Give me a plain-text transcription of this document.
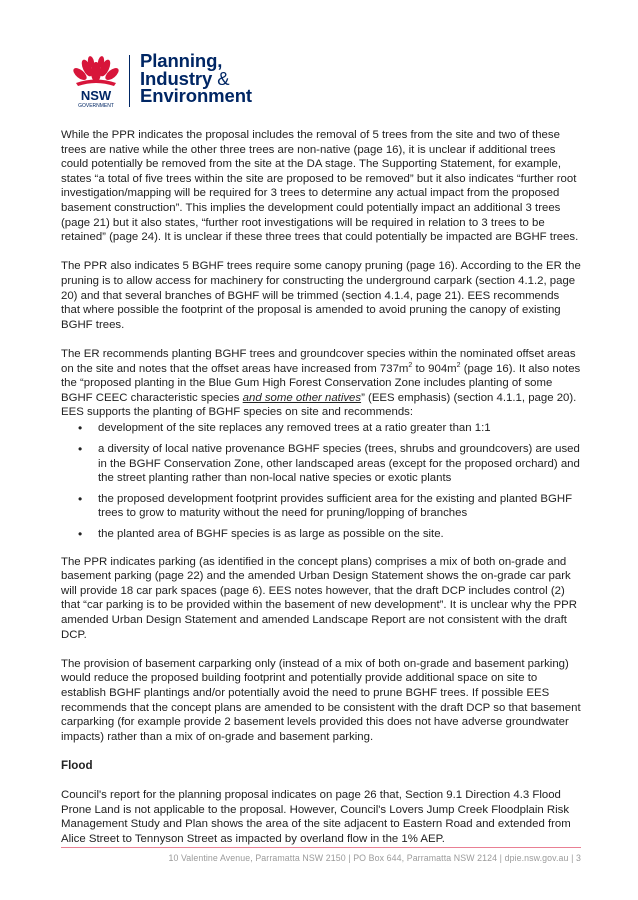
NSW
GOVERNMENT
Planning,
Industry &
Environment

While the PPR indicates the proposal includes the removal of 5 trees from the site and two of these trees are native while the other three trees are non-native (page 16), it is unclear if additional trees could potentially be removed from the site at the DA stage. The Supporting Statement, for example, states “a total of five trees within the site are proposed to be removed” but it also indicates “further root investigation/mapping will be required for 3 trees to determine any actual impact from the proposed basement construction”. This implies the development could potentially impact an additional 3 trees (page 21) but it also states, “further root investigations will be required in relation to 3 trees to be retained” (page 24). It is unclear if these three trees that could potentially be impacted are BGHF trees.

The PPR also indicates 5 BGHF trees require some canopy pruning (page 16). According to the ER the pruning is to allow access for machinery for constructing the underground carpark (section 4.1.2, page 20) and that several branches of BGHF will be trimmed (section 4.1.4, page 21). EES recommends that where possible the footprint of the proposal is amended to avoid pruning the canopy of existing BGHF trees.

The ER recommends planting BGHF trees and groundcover species within the nominated offset areas on the site and notes that the offset areas have increased from $737m^2$ to $904m^2$ (page 16). It also notes the “proposed planting in the Blue Gum High Forest Conservation Zone includes planting of some BGHF CEEC characteristic species and some other natives” (EES emphasis) (section 4.1.1, page 20). EES supports the planting of BGHF species on site and recommends:

• development of the site replaces any removed trees at a ratio greater than 1:1
• a diversity of local native provenance BGHF species (trees, shrubs and groundcovers) are used in the BGHF Conservation Zone, other landscaped areas (except for the proposed orchard) and the street planting rather than non-local native species or exotic plants
• the proposed development footprint provides sufficient area for the existing and planted BGHF trees to grow to maturity without the need for pruning/lopping of branches
• the planted area of BGHF species is as large as possible on the site.

The PPR indicates parking (as identified in the concept plans) comprises a mix of both on-grade and basement parking (page 22) and the amended Urban Design Statement shows the on-grade car park will provide 18 car park spaces (page 6). EES notes however, that the draft DCP includes control (2) that “car parking is to be provided within the basement of new development”. It is unclear why the PPR amended Urban Design Statement and amended Landscape Report are not consistent with the draft DCP.

The provision of basement carparking only (instead of a mix of both on-grade and basement parking) would reduce the proposed building footprint and potentially provide additional space on site to establish BGHF plantings and/or potentially avoid the need to prune BGHF trees. If possible EES recommends that the concept plans are amended to be consistent with the draft DCP so that basement carparking (for example provide 2 basement levels provided this does not have adverse groundwater impacts) rather than a mix of on-grade and basement parking.

Flood

Council's report for the planning proposal indicates on page 26 that, Section 9.1 Direction 4.3 Flood Prone Land is not applicable to the proposal. However, Council's Lovers Jump Creek Floodplain Risk Management Study and Plan shows the area of the site adjacent to Eastern Road and extended from Alice Street to Tennyson Street as impacted by overland flow in the 1% AEP.

10 Valentine Avenue, Parramatta NSW 2150 | PO Box 644, Parramatta NSW 2124 | dpie.nsw.gov.au | 3
